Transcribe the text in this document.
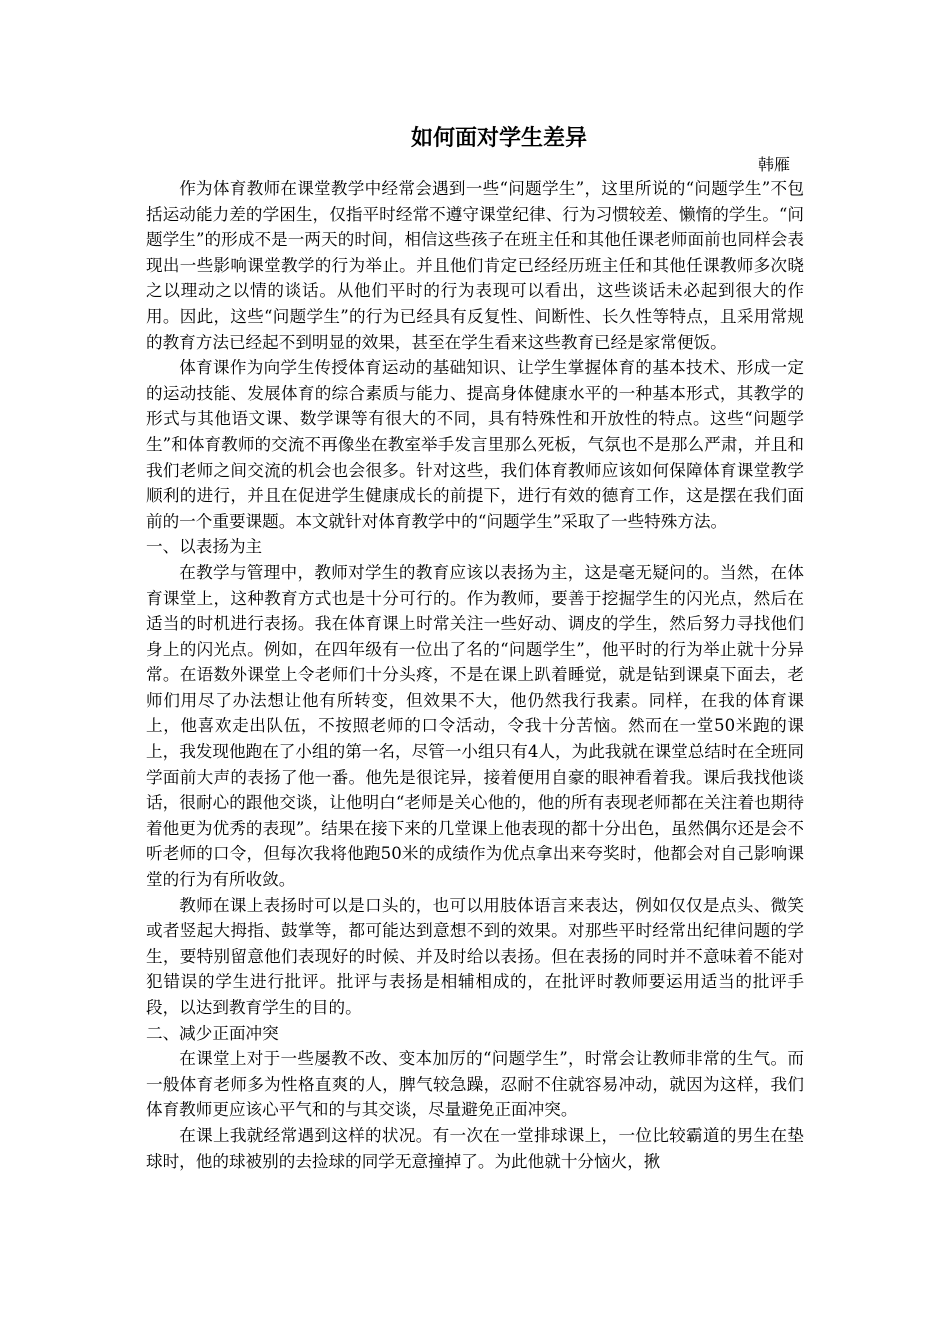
如何面对学生差异
韩雁

作为体育教师在课堂教学中经常会遇到一些“问题学生”，这里所说的“问题学生”不包括运动能力差的学困生，仅指平时经常不遵守课堂纪律、行为习惯较差、懒惰的学生。“问题学生”的形成不是一两天的时间，相信这些孩子在班主任和其他任课老师面前也同样会表现出一些影响课堂教学的行为举止。并且他们肯定已经经历班主任和其他任课教师多次晓之以理动之以情的谈话。从他们平时的行为表现可以看出，这些谈话未必起到很大的作用。因此，这些“问题学生”的行为已经具有反复性、间断性、长久性等特点，且采用常规的教育方法已经起不到明显的效果，甚至在学生看来这些教育已经是家常便饭。

体育课作为向学生传授体育运动的基础知识、让学生掌握体育的基本技术、形成一定的运动技能、发展体育的综合素质与能力、提高身体健康水平的一种基本形式，其教学的形式与其他语文课、数学课等有很大的不同，具有特殊性和开放性的特点。这些“问题学生”和体育教师的交流不再像坐在教室举手发言里那么死板，气氛也不是那么严肃，并且和我们老师之间交流的机会也会很多。针对这些，我们体育教师应该如何保障体育课堂教学顺利的进行，并且在促进学生健康成长的前提下，进行有效的德育工作，这是摆在我们面前的一个重要课题。本文就针对体育教学中的“问题学生”采取了一些特殊方法。

一、以表扬为主

在教学与管理中，教师对学生的教育应该以表扬为主，这是毫无疑问的。当然，在体育课堂上，这种教育方式也是十分可行的。作为教师，要善于挖掘学生的闪光点，然后在适当的时机进行表扬。我在体育课上时常关注一些好动、调皮的学生，然后努力寻找他们身上的闪光点。例如，在四年级有一位出了名的“问题学生”，他平时的行为举止就十分异常。在语数外课堂上令老师们十分头疼，不是在课上趴着睡觉，就是钻到课桌下面去，老师们用尽了办法想让他有所转变，但效果不大，他仍然我行我素。同样，在我的体育课上，他喜欢走出队伍，不按照老师的口令活动，令我十分苦恼。然而在一堂50米跑的课上，我发现他跑在了小组的第一名，尽管一小组只有4人，为此我就在课堂总结时在全班同学面前大声的表扬了他一番。他先是很诧异，接着便用自豪的眼神看着我。课后我找他谈话，很耐心的跟他交谈，让他明白“老师是关心他的，他的所有表现老师都在关注着也期待着他更为优秀的表现”。结果在接下来的几堂课上他表现的都十分出色，虽然偶尔还是会不听老师的口令，但每次我将他跑50米的成绩作为优点拿出来夸奖时，他都会对自己影响课堂的行为有所收敛。

教师在课上表扬时可以是口头的，也可以用肢体语言来表达，例如仅仅是点头、微笑或者竖起大拇指、鼓掌等，都可能达到意想不到的效果。对那些平时经常出纪律问题的学生，要特别留意他们表现好的时候、并及时给以表扬。但在表扬的同时并不意味着不能对犯错误的学生进行批评。批评与表扬是相辅相成的，在批评时教师要运用适当的批评手段，以达到教育学生的目的。

二、减少正面冲突

在课堂上对于一些屡教不改、变本加厉的“问题学生”，时常会让教师非常的生气。而一般体育老师多为性格直爽的人，脾气较急躁，忍耐不住就容易冲动，就因为这样，我们体育教师更应该心平气和的与其交谈，尽量避免正面冲突。

在课上我就经常遇到这样的状况。有一次在一堂排球课上，一位比较霸道的男生在垫球时，他的球被别的去捡球的同学无意撞掉了。为此他就十分恼火，揪
